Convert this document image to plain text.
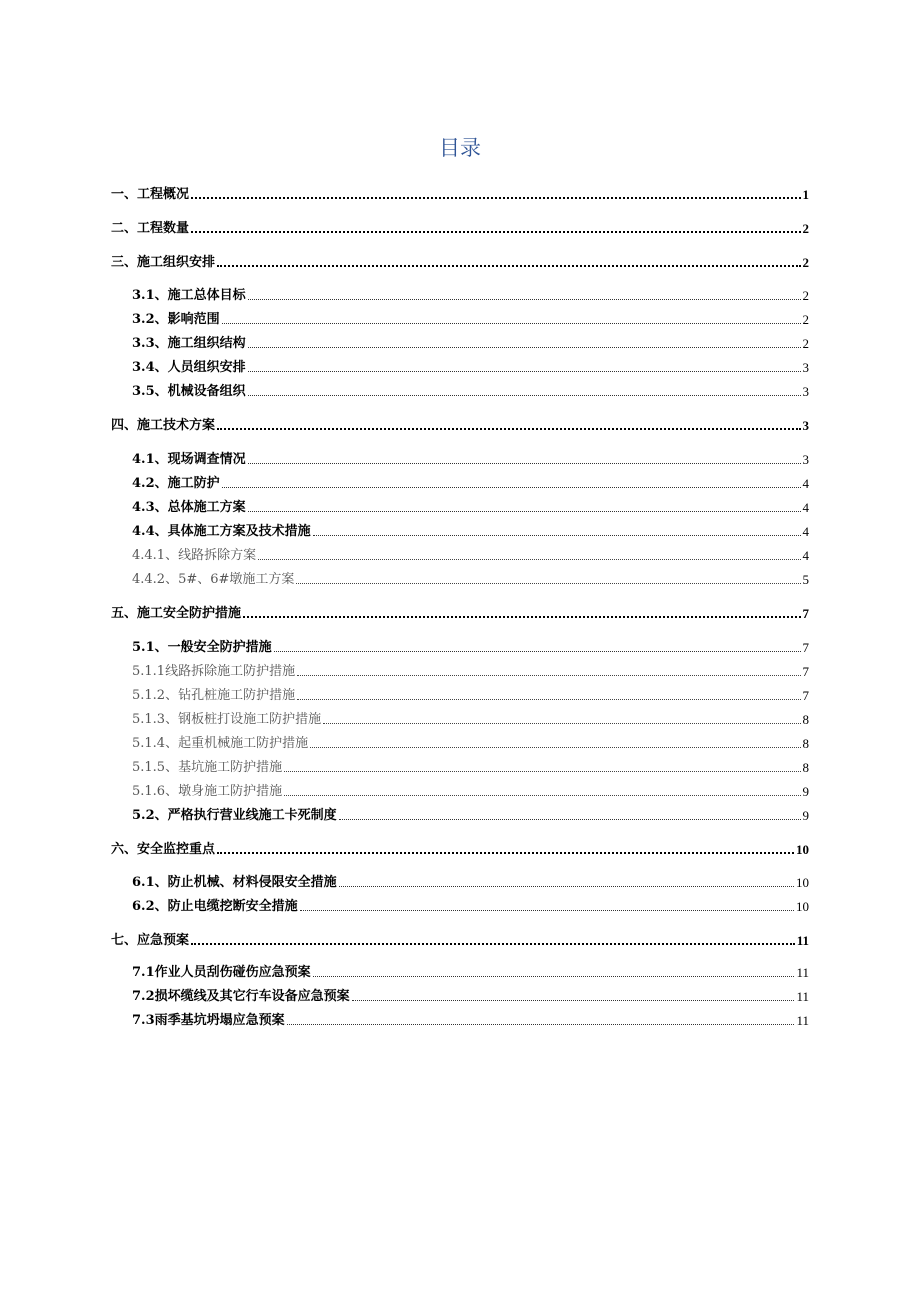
目录
一、工程概况	1
二、工程数量	2
三、施工组织安排	2
3.1、施工总体目标	2
3.2、影响范围	2
3.3、施工组织结构	2
3.4、人员组织安排	3
3.5、机械设备组织	3
四、施工技术方案	3
4.1、现场调查情况	3
4.2、施工防护	4
4.3、总体施工方案	4
4.4、具体施工方案及技术措施	4
4.4.1、线路拆除方案	4
4.4.2、5#、6#墩施工方案	5
五、施工安全防护措施	7
5.1、一般安全防护措施	7
5.1.1线路拆除施工防护措施	7
5.1.2、钻孔桩施工防护措施	7
5.1.3、钢板桩打设施工防护措施	8
5.1.4、起重机械施工防护措施	8
5.1.5、基坑施工防护措施	8
5.1.6、墩身施工防护措施	9
5.2、严格执行营业线施工卡死制度	9
六、安全监控重点	10
6.1、防止机械、材料侵限安全措施	10
6.2、防止电缆挖断安全措施	10
七、应急预案	11
7.1作业人员刮伤碰伤应急预案	11
7.2损坏缆线及其它行车设备应急预案	11
7.3雨季基坑坍塌应急预案	11
